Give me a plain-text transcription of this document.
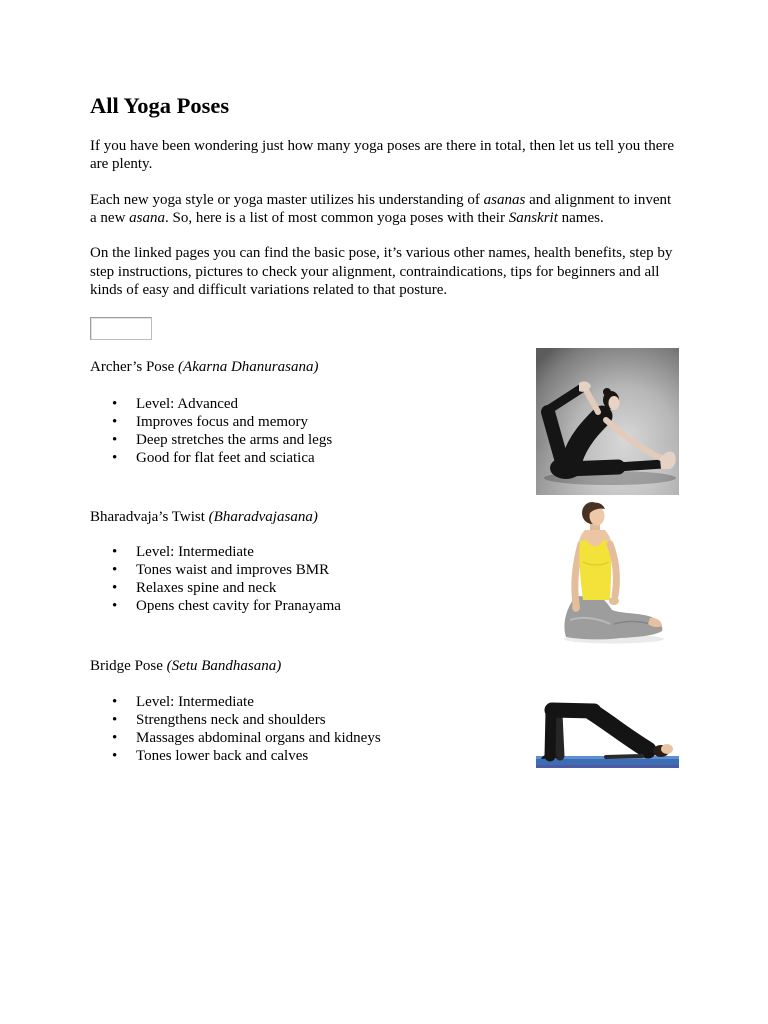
All Yoga Poses

If you have been wondering just how many yoga poses are there in total, then let us tell you there
are plenty.

Each new yoga style or yoga master utilizes his understanding of asanas and alignment to invent
a new asana. So, here is a list of most common yoga poses with their Sanskrit names.

On the linked pages you can find the basic pose, it’s various other names, health benefits, step by
step instructions, pictures to check your alignment, contraindications, tips for beginners and all
kinds of easy and difficult variations related to that posture.

Archer’s Pose (Akarna Dhanurasana)
•
Level: Advanced
•
Improves focus and memory
•
Deep stretches the arms and legs
•
Good for flat feet and sciatica
Bharadvaja’s Twist (Bharadvajasana)
•
Level: Intermediate
•
Tones waist and improves BMR
•
Relaxes spine and neck
•
Opens chest cavity for Pranayama
Bridge Pose (Setu Bandhasana)
•
Level: Intermediate
•
Strengthens neck and shoulders
•
Massages abdominal organs and kidneys
•
Tones lower back and calves
